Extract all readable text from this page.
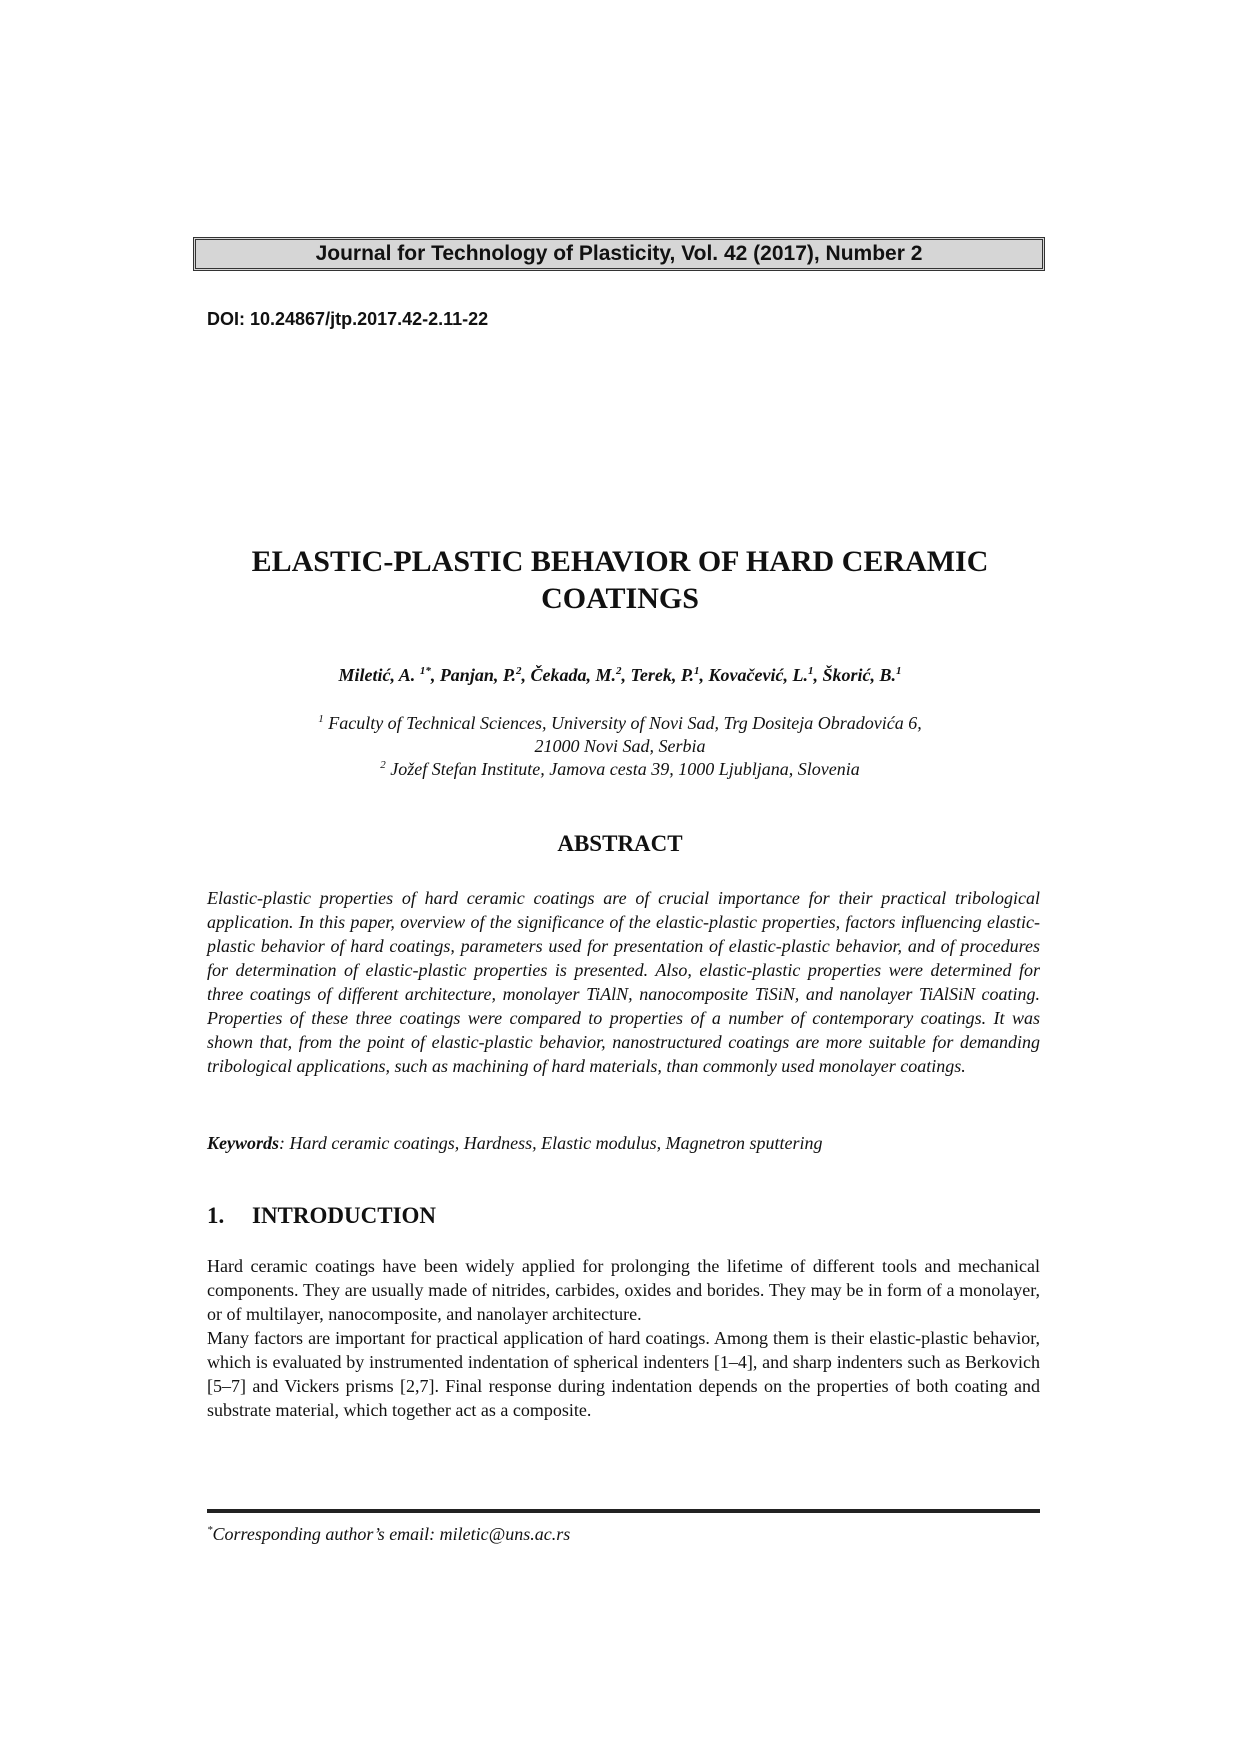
Journal for Technology of Plasticity, Vol. 42 (2017), Number 2
DOI: 10.24867/jtp.2017.42-2.11-22
ELASTIC-PLASTIC BEHAVIOR OF HARD CERAMIC
COATINGS
Miletić, A. $^{1*}$, Panjan, P.$^2$, Čekada, M.$^2$, Terek, P.$^1$, Kovačević, L.$^1$, Škorić, B.$^1$
$^1$ Faculty of Technical Sciences, University of Novi Sad, Trg Dositeja Obradovića 6,
21000 Novi Sad, Serbia
$^2$ Jožef Stefan Institute, Jamova cesta 39, 1000 Ljubljana, Slovenia
ABSTRACT

Elastic-plastic properties of hard ceramic coatings are of crucial importance for their practical tribological application. In this paper, overview of the significance of the elastic-plastic properties, factors influencing elastic-plastic behavior of hard coatings, parameters used for presentation of elastic-plastic behavior, and of procedures for determination of elastic-plastic properties is presented. Also, elastic-plastic properties were determined for three coatings of different architecture, monolayer TiAlN, nanocomposite TiSiN, and nanolayer TiAlSiN coating. Properties of these three coatings were compared to properties of a number of contemporary coatings. It was shown that, from the point of elastic-plastic behavior, nanostructured coatings are more suitable for demanding tribological applications, such as machining of hard materials, than commonly used monolayer coatings.

Keywords: Hard ceramic coatings, Hardness, Elastic modulus, Magnetron sputtering
1. INTRODUCTION

Hard ceramic coatings have been widely applied for prolonging the lifetime of different tools and mechanical components. They are usually made of nitrides, carbides, oxides and borides. They may be in form of a monolayer, or of multilayer, nanocomposite, and nanolayer architecture.

Many factors are important for practical application of hard coatings. Among them is their elastic-plastic behavior, which is evaluated by instrumented indentation of spherical indenters [1–4], and sharp indenters such as Berkovich [5–7] and Vickers prisms [2,7]. Final response during indentation depends on the properties of both coating and substrate material, which together act as a composite.

*Corresponding author’s email: miletic@uns.ac.rs
